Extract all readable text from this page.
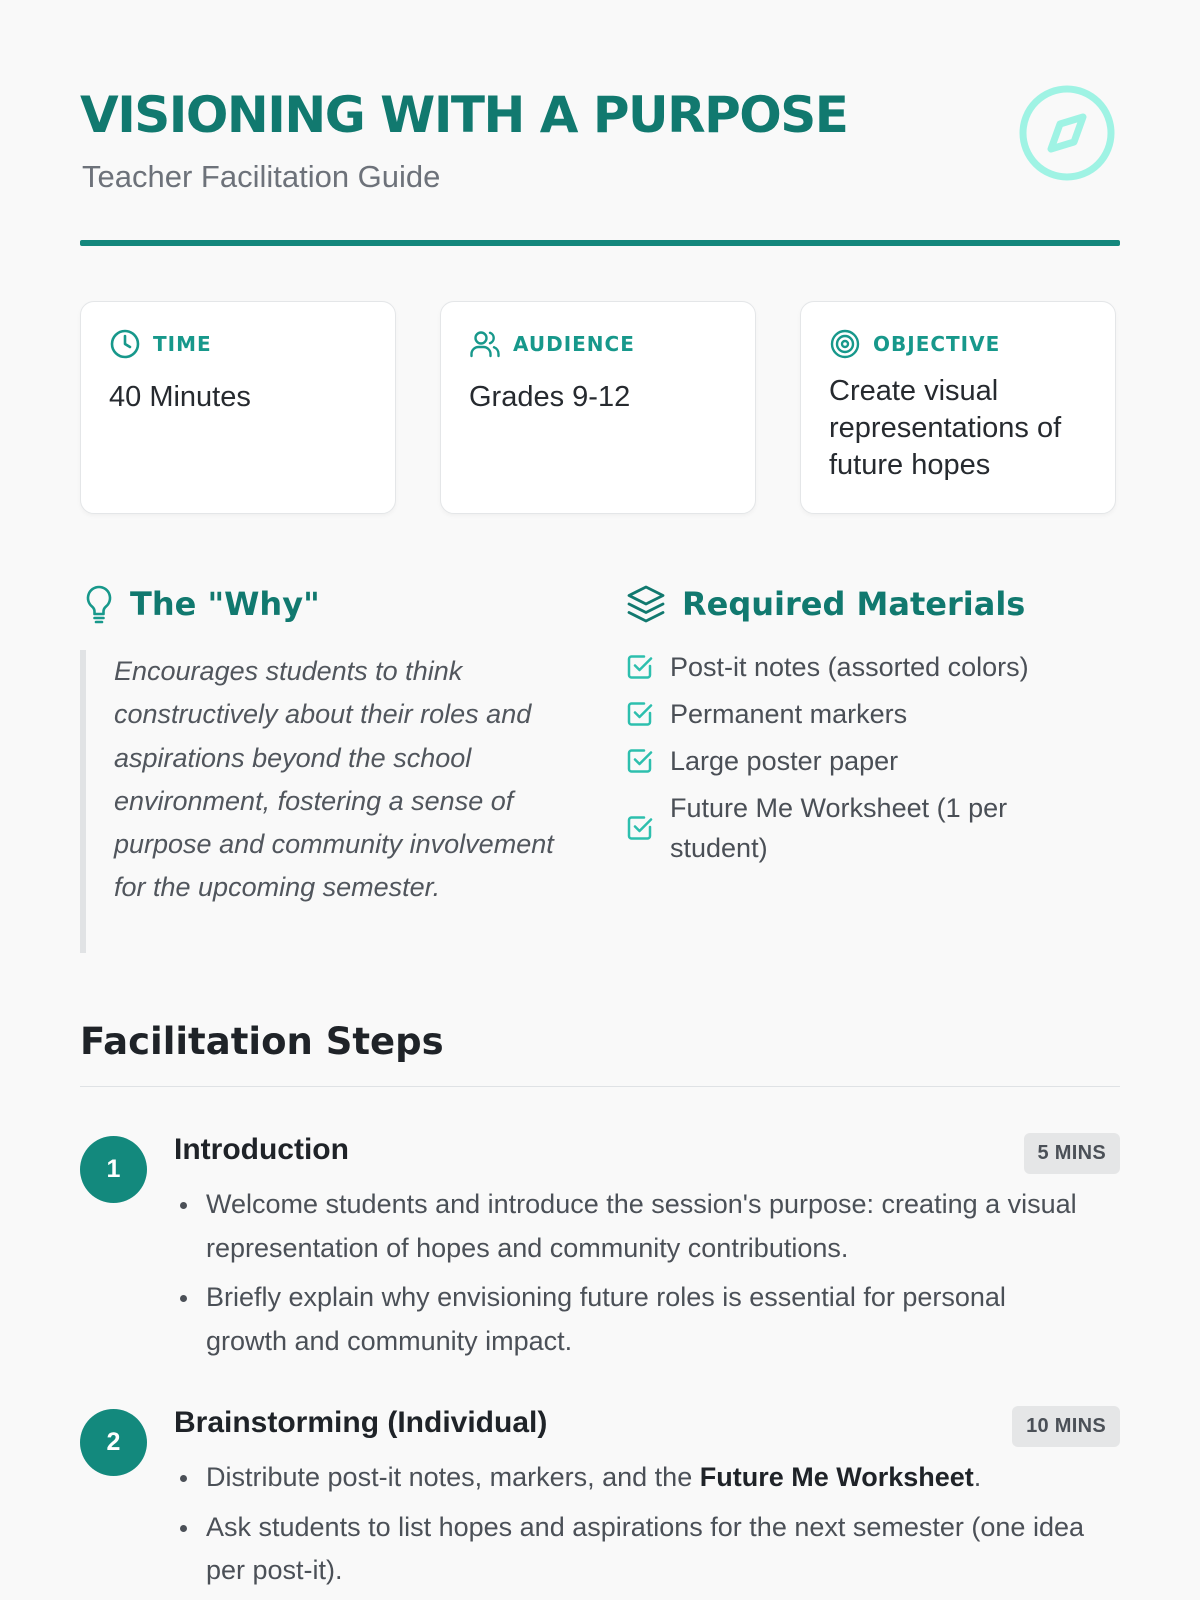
VISIONING WITH A PURPOSE
Teacher Facilitation Guide
TIME
40 Minutes
AUDIENCE
Grades 9-12
OBJECTIVE
Create visual representations of future hopes
The "Why"

Encourages students to think constructively about their roles and aspirations beyond the school environment, fostering a sense of purpose and community involvement for the upcoming semester.

Required Materials
Post-it notes (assorted colors)
Permanent markers
Large poster paper
Future Me Worksheet (1 per student)
Facilitation Steps
1
Introduction	5 MINS
Welcome students and introduce the session's purpose: creating a visual representation of hopes and community contributions.
Briefly explain why envisioning future roles is essential for personal growth and community impact.
2
Brainstorming (Individual)	10 MINS
Distribute post-it notes, markers, and the Future Me Worksheet.
Ask students to list hopes and aspirations for the next semester (one idea per post-it).
